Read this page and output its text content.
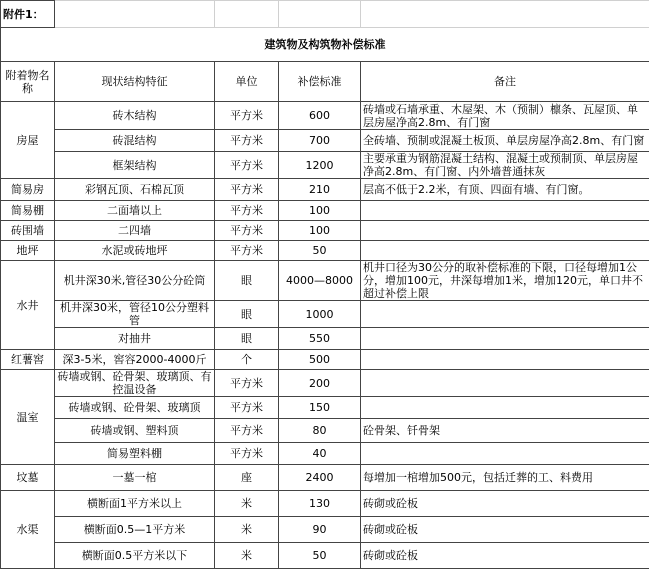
附件1：				
建筑物及构筑物补偿标准				
附着物名称	现状结构特征	单位	补偿标准	备注
房屋	砖木结构	平方米	600	砖墙或石墙承重、木屋架、木（预制）檩条、瓦屋顶、单层房屋净高2.8m、有门窗
	砖混结构	平方米	700	全砖墙、预制或混凝土板顶、单层房屋净高2.8m、有门窗
	框架结构	平方米	1200	主要承重为钢筋混凝土结构、混凝土或预制顶、单层房屋净高2.8m、有门窗、内外墙普通抹灰
简易房	彩钢瓦顶、石棉瓦顶	平方米	210	层高不低于2.2米，有顶、四面有墙、有门窗。
简易棚	二面墙以上	平方米	100	
砖围墙	二四墙	平方米	100	
地坪	水泥或砖地坪	平方米	50	
水井	机井深30米,管径30公分砼筒	眼	4000—8000	机井口径为30公分的取补偿标准的下限，口径每增加1公分，增加100元，井深每增加1米，增加120元，单口井不超过补偿上限
	机井深30米，管径10公分塑料管	眼	1000	
	对抽井	眼	550	
红薯窖	深3-5米，窖容2000-4000斤	个	500	
温室	砖墙或钢、砼骨架、玻璃顶、有控温设备	平方米	200	
	砖墙或钢、砼骨架、玻璃顶	平方米	150	
	砖墙或钢、塑料顶	平方米	80	砼骨架、钎骨架
	简易塑料棚	平方米	40	
坟墓	一墓一棺	座	2400	每增加一棺增加500元，包括迁葬的工、料费用
水渠	横断面1平方米以上	米	130	砖砌或砼板
	横断面0.5—1平方米	米	90	砖砌或砼板
	横断面0.5平方米以下	米	50	砖砌或砼板
